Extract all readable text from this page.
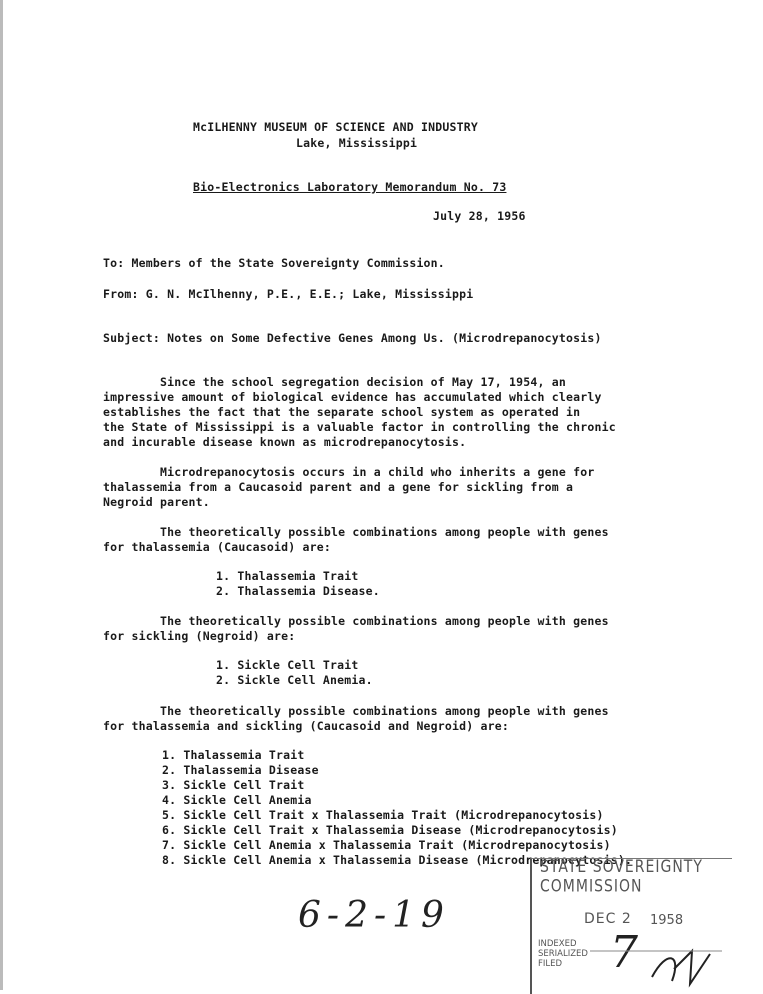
McILHENNY MUSEUM OF SCIENCE AND INDUSTRY
Lake, Mississippi
Bio-Electronics Laboratory Memorandum No. 73
July 28, 1956
To: Members of the State Sovereignty Commission.
From: G. N. McIlhenny, P.E., E.E.; Lake, Mississippi
Subject: Notes on Some Defective Genes Among Us. (Microdrepanocytosis)
Since the school segregation decision of May 17, 1954, an
impressive amount of biological evidence has accumulated which clearly
establishes the fact that the separate school system as operated in
the State of Mississippi is a valuable factor in controlling the chronic
and incurable disease known as microdrepanocytosis.
Microdrepanocytosis occurs in a child who inherits a gene for
thalassemia from a Caucasoid parent and a gene for sickling from a
Negroid parent.
The theoretically possible combinations among people with genes
for thalassemia (Caucasoid) are:
1. Thalassemia Trait
2. Thalassemia Disease.
The theoretically possible combinations among people with genes
for sickling (Negroid) are:
1. Sickle Cell Trait
2. Sickle Cell Anemia.
The theoretically possible combinations among people with genes
for thalassemia and sickling (Caucasoid and Negroid) are:
1. Thalassemia Trait
2. Thalassemia Disease
3. Sickle Cell Trait
4. Sickle Cell Anemia
5. Sickle Cell Trait x Thalassemia Trait (Microdrepanocytosis)
6. Sickle Cell Trait x Thalassemia Disease (Microdrepanocytosis)
7. Sickle Cell Anemia x Thalassemia Trait (Microdrepanocytosis)
8. Sickle Cell Anemia x Thalassemia Disease (Microdrepanocytosis).
6-2-19
STATE SOVEREIGNTY COMMISSION
DEC 2 1958
INDEXED
SERIALIZED
FILED	7
